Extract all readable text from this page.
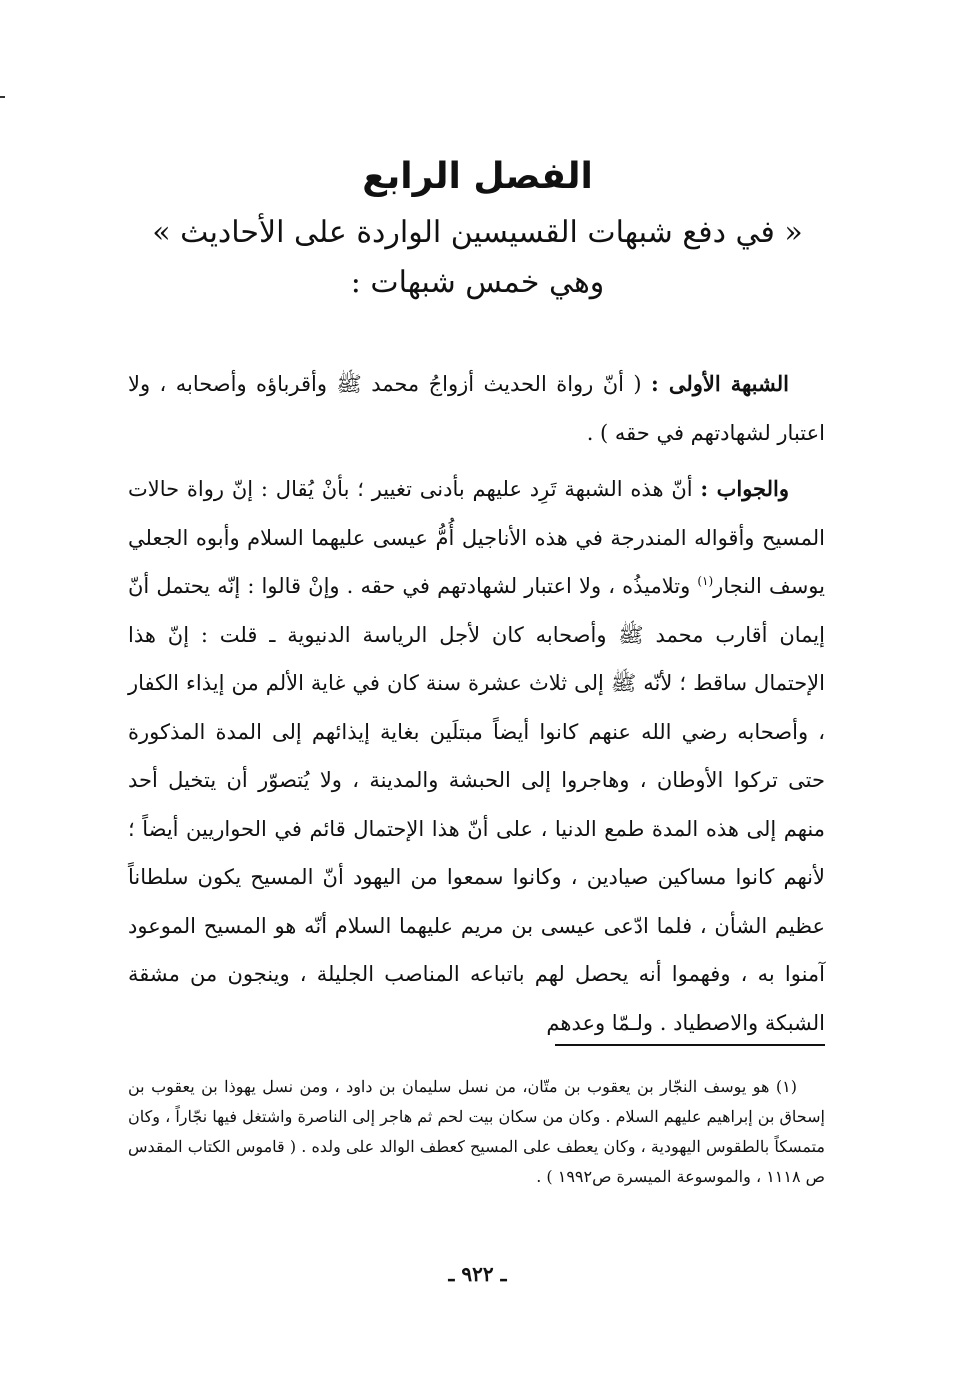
الفصل الرابع

« في دفع شبهات القسيسين الواردة على الأحاديث »

وهي خمس شبهات :

الشبهة الأولى : ( أنّ رواة الحديث أزواجُ محمد ﷺ وأقرباؤه وأصحابه ، ولا اعتبار لشهادتهم في حقه ) .

والجواب : أنّ هذه الشبهة تَرِد عليهم بأدنى تغيير ؛ بأنْ يُقال : إنّ رواة حالات المسيح وأقواله المندرجة في هذه الأناجيل أُمُّ عيسى عليهما السلام وأبوه الجعلي يوسف النجار$^{(١)}$ وتلاميذُه ، ولا اعتبار لشهادتهم في حقه . وإنْ قالوا : إنّه يحتمل أنّ إيمان أقارب محمد ﷺ وأصحابه كان لأجل الرياسة الدنيوية ـ قلت : إنّ هذا الإحتمال ساقط ؛ لأنّه ﷺ إلى ثلاث عشرة سنة كان في غاية الألم من إيذاء الكفار ، وأصحابه رضي الله عنهم كانوا أيضاً مبتلَين بغاية إيذائهم إلى المدة المذكورة حتى تركوا الأوطان ، وهاجروا إلى الحبشة والمدينة ، ولا يُتصوّر أن يتخيل أحد منهم إلى هذه المدة طمع الدنيا ، على أنّ هذا الإحتمال قائم في الحواريين أيضاً ؛ لأنهم كانوا مساكين صيادين ، وكانوا سمعوا من اليهود أنّ المسيح يكون سلطاناً عظيم الشأن ، فلما ادّعى عيسى بن مريم عليهما السلام أنّه هو المسيح الموعود آمنوا به ، وفهموا أنه يحصل لهم باتباعه المناصب الجليلة ، وينجون من مشقة الشبكة والاصطياد . ولـمّا وعدهم

(١) هو يوسف النجّار بن يعقوب بن متّان، من نسل سليمان بن داود ، ومن نسل يهوذا بن يعقوب بن إسحاق بن إبراهيم عليهم السلام . وكان من سكان بيت لحم ثم هاجر إلى الناصرة واشتغل فيها نجّاراً ، وكان متمسكاً بالطقوس اليهودية ، وكان يعطف على المسيح كعطف الوالد على ولده . ( قاموس الكتاب المقدس ص ١١١٨ ، والموسوعة الميسرة ص١٩٩٢ ) .

ـ ٩٢٢ ـ
